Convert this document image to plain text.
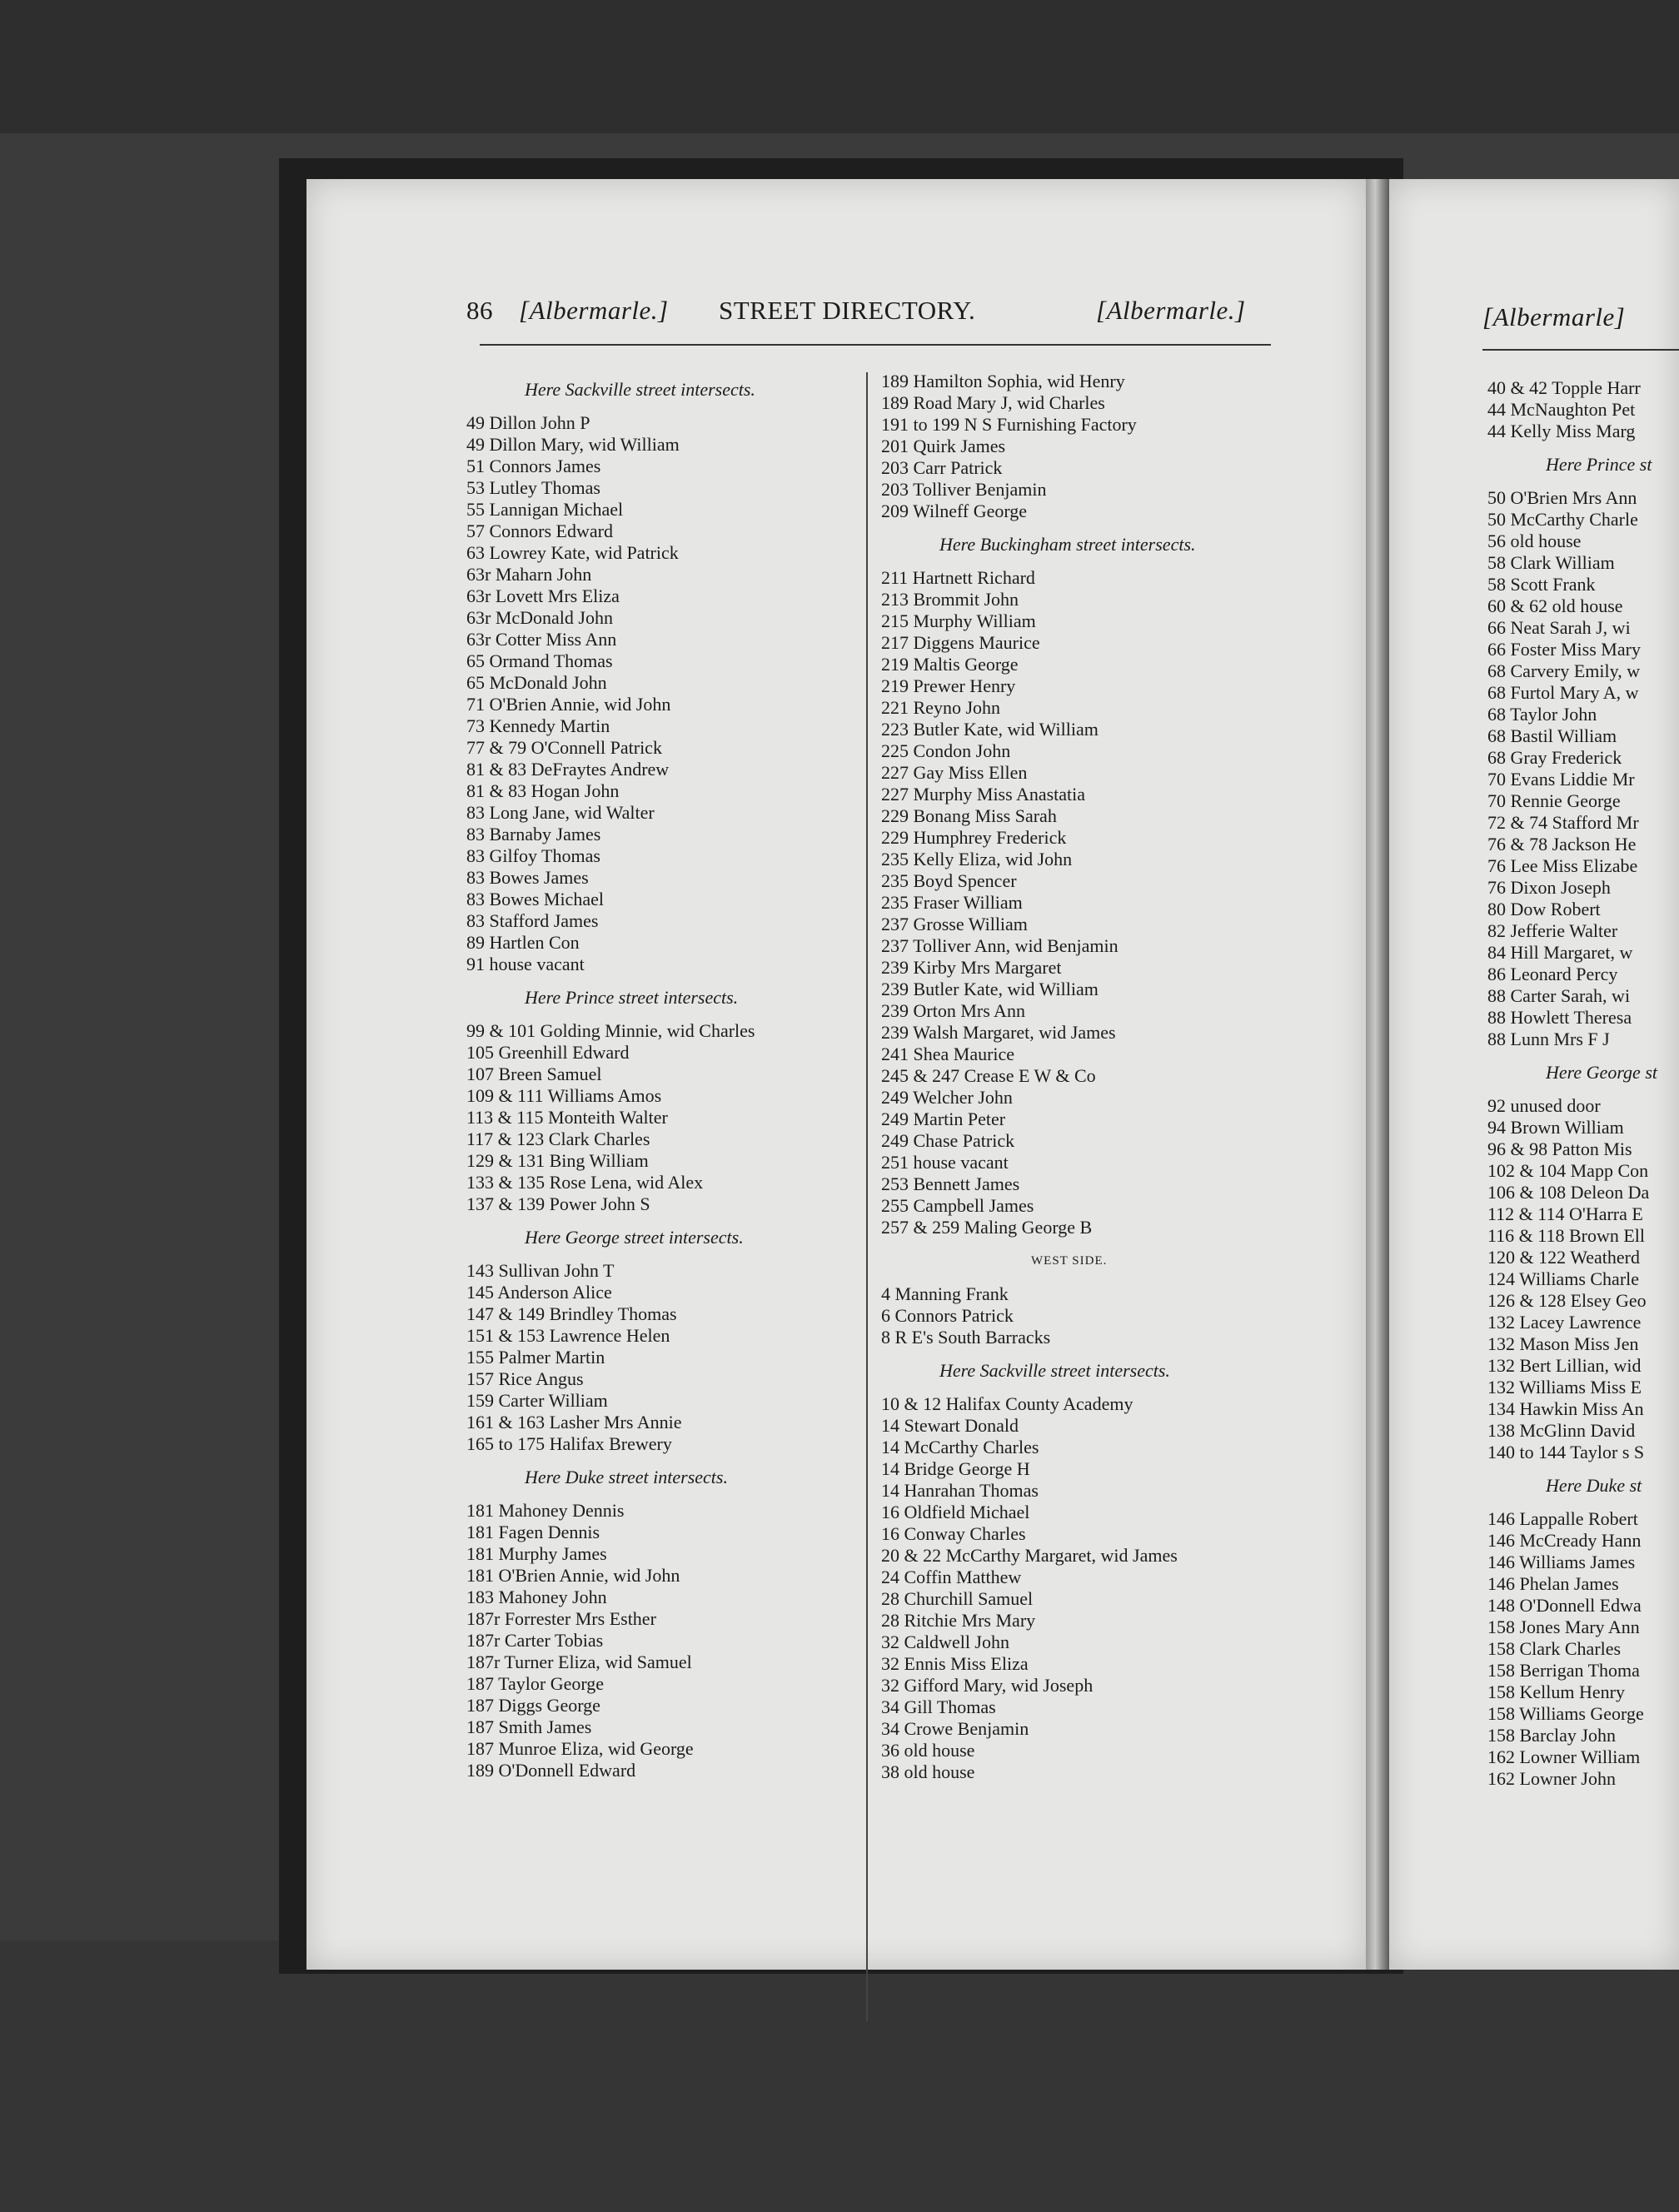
86 [Albermarle.] STREET DIRECTORY.	[Albermarle.]
Here Sackville street intersects.
49 Dillon John P
49 Dillon Mary, wid William
51 Connors James
53 Lutley Thomas
55 Lannigan Michael
57 Connors Edward
63 Lowrey Kate, wid Patrick
63r Maharn John
63r Lovett Mrs Eliza
63r McDonald John
63r Cotter Miss Ann
65 Ormand Thomas
65 McDonald John
71 O'Brien Annie, wid John
73 Kennedy Martin
77 & 79 O'Connell Patrick
81 & 83 DeFraytes Andrew
81 & 83 Hogan John
83 Long Jane, wid Walter
83 Barnaby James
83 Gilfoy Thomas
83 Bowes James
83 Bowes Michael
83 Stafford James
89 Hartlen Con
91 house vacant
Here Prince street intersects.
99 & 101 Golding Minnie, wid Charles
105 Greenhill Edward
107 Breen Samuel
109 & 111 Williams Amos
113 & 115 Monteith Walter
117 & 123 Clark Charles
129 & 131 Bing William
133 & 135 Rose Lena, wid Alex
137 & 139 Power John S
Here George street intersects.
143 Sullivan John T
145 Anderson Alice
147 & 149 Brindley Thomas
151 & 153 Lawrence Helen
155 Palmer Martin
157 Rice Angus
159 Carter William
161 & 163 Lasher Mrs Annie
165 to 175 Halifax Brewery
Here Duke street intersects.
181 Mahoney Dennis
181 Fagen Dennis
181 Murphy James
181 O'Brien Annie, wid John
183 Mahoney John
187r Forrester Mrs Esther
187r Carter Tobias
187r Turner Eliza, wid Samuel
187 Taylor George
187 Diggs George
187 Smith James
187 Munroe Eliza, wid George
189 O'Donnell Edward
189 Hamilton Sophia, wid Henry
189 Road Mary J, wid Charles
191 to 199 N S Furnishing Factory
201 Quirk James
203 Carr Patrick
203 Tolliver Benjamin
209 Wilneff George
Here Buckingham street intersects.
211 Hartnett Richard
213 Brommit John
215 Murphy William
217 Diggens Maurice
219 Maltis George
219 Prewer Henry
221 Reyno John
223 Butler Kate, wid William
225 Condon John
227 Gay Miss Ellen
227 Murphy Miss Anastatia
229 Bonang Miss Sarah
229 Humphrey Frederick
235 Kelly Eliza, wid John
235 Boyd Spencer
235 Fraser William
237 Grosse William
237 Tolliver Ann, wid Benjamin
239 Kirby Mrs Margaret
239 Butler Kate, wid William
239 Orton Mrs Ann
239 Walsh Margaret, wid James
241 Shea Maurice
245 & 247 Crease E W & Co
249 Welcher John
249 Martin Peter
249 Chase Patrick
251 house vacant
253 Bennett James
255 Campbell James
257 & 259 Maling George B
WEST SIDE.
4 Manning Frank
6 Connors Patrick
8 R E's South Barracks
Here Sackville street intersects.
10 & 12 Halifax County Academy
14 Stewart Donald
14 McCarthy Charles
14 Bridge George H
14 Hanrahan Thomas
16 Oldfield Michael
16 Conway Charles
20 & 22 McCarthy Margaret, wid James
24 Coffin Matthew
28 Churchill Samuel
28 Ritchie Mrs Mary
32 Caldwell John
32 Ennis Miss Eliza
32 Gifford Mary, wid Joseph
34 Gill Thomas
34 Crowe Benjamin
36 old house
38 old house
[Albermarle]
40 & 42 Topple Harr
44 McNaughton Pet
44 Kelly Miss Marg
Here Prince st
50 O'Brien Mrs Ann
50 McCarthy Charle
56 old house
58 Clark William
58 Scott Frank
60 & 62 old house
66 Neat Sarah J, wi
66 Foster Miss Mary
68 Carvery Emily, w
68 Furtol Mary A, w
68 Taylor John
68 Bastil William
68 Gray Frederick
70 Evans Liddie Mr
70 Rennie George
72 & 74 Stafford Mr
76 & 78 Jackson He
76 Lee Miss Elizabe
76 Dixon Joseph
80 Dow Robert
82 Jefferie Walter
84 Hill Margaret, w
86 Leonard Percy
88 Carter Sarah, wi
88 Howlett Theresa
88 Lunn Mrs F J
Here George st
92 unused door
94 Brown William
96 & 98 Patton Mis
102 & 104 Mapp Con
106 & 108 Deleon Da
112 & 114 O'Harra E
116 & 118 Brown Ell
120 & 122 Weatherd
124 Williams Charle
126 & 128 Elsey Geo
132 Lacey Lawrence
132 Mason Miss Jen
132 Bert Lillian, wid
132 Williams Miss E
134 Hawkin Miss An
138 McGlinn David
140 to 144 Taylor s S
Here Duke st
146 Lappalle Robert
146 McCready Hann
146 Williams James
146 Phelan James
148 O'Donnell Edwa
158 Jones Mary Ann
158 Clark Charles
158 Berrigan Thoma
158 Kellum Henry
158 Williams George
158 Barclay John
162 Lowner William
162 Lowner John
